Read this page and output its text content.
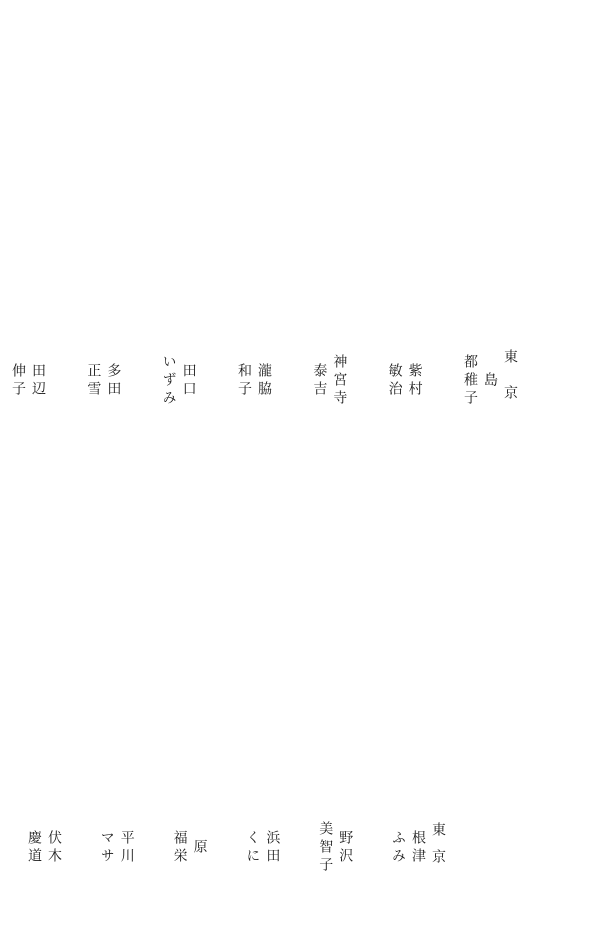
東京
島
都稚子
紫村
敏治
神宮寺
泰吉
瀧脇
和子
田口
いずみ
多田
正雪
田辺
伸子
東京
根津
ふみ
野沢
美智子
浜田
くに
原
福栄
平川
マサ
伏木
慶道
